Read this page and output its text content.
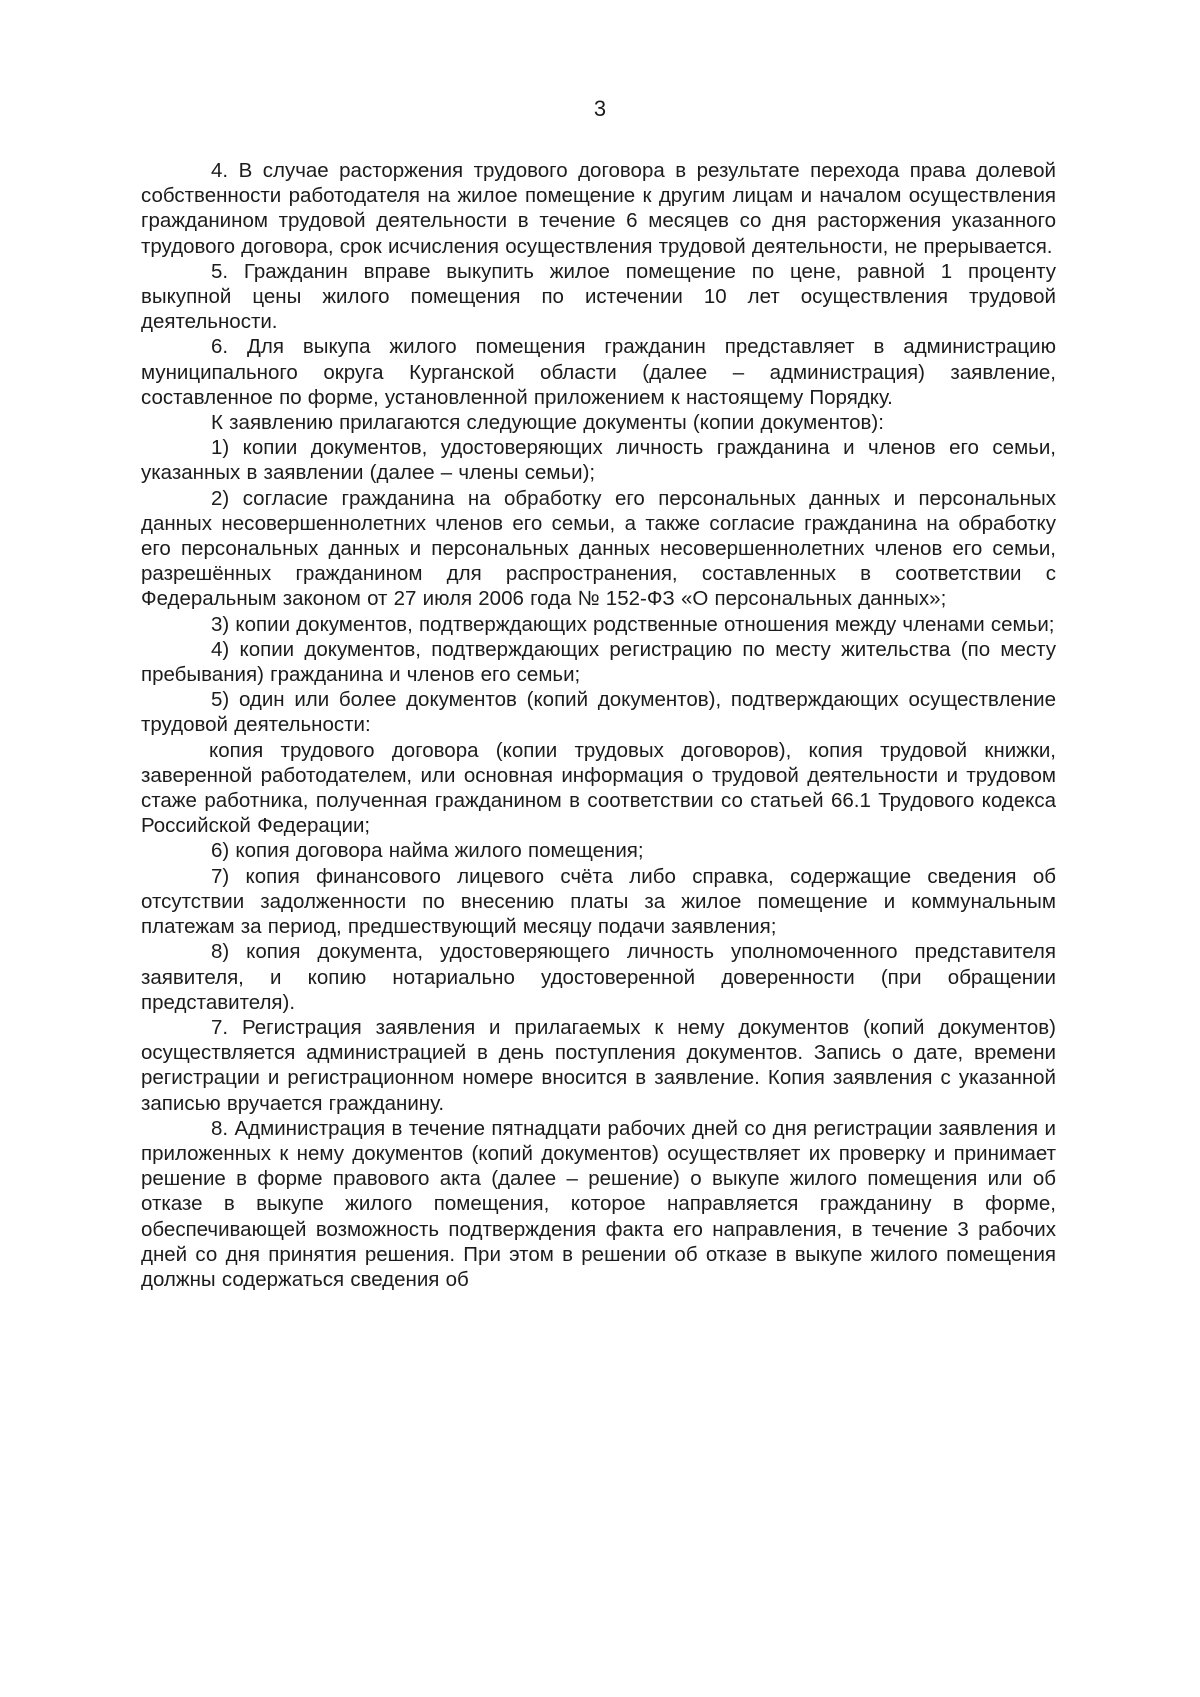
3

4. В случае расторжения трудового договора в результате перехода права долевой собственности работодателя на жилое помещение к другим лицам и началом осуществления гражданином трудовой деятельности в течение 6 месяцев со дня расторжения указанного трудового договора, срок исчисления осуществления трудовой деятельности, не прерывается.

5. Гражданин вправе выкупить жилое помещение по цене, равной 1 проценту выкупной цены жилого помещения по истечении 10 лет осуществления трудовой деятельности.

6. Для выкупа жилого помещения гражданин представляет в администрацию муниципального округа Курганской области (далее – администрация) заявление, составленное по форме, установленной приложением к настоящему Порядку.

К заявлению прилагаются следующие документы (копии документов):

1) копии документов, удостоверяющих личность гражданина и членов его семьи, указанных в заявлении (далее – члены семьи);

2) согласие гражданина на обработку его персональных данных и персональных данных несовершеннолетних членов его семьи, а также согласие гражданина на обработку его персональных данных и персональных данных несовершеннолетних членов его семьи, разрешённых гражданином для распространения, составленных в соответствии с Федеральным законом от 27 июля 2006 года № 152-ФЗ «О персональных данных»;

3) копии документов, подтверждающих родственные отношения между членами семьи;

4) копии документов, подтверждающих регистрацию по месту жительства (по месту пребывания) гражданина и членов его семьи;

5) один или более документов (копий документов), подтверждающих осуществление трудовой деятельности:

копия трудового договора (копии трудовых договоров), копия трудовой книжки, заверенной работодателем, или основная информация о трудовой деятельности и трудовом стаже работника, полученная гражданином в соответствии со статьей 66.1 Трудового кодекса Российской Федерации;

6) копия договора найма жилого помещения;

7) копия финансового лицевого счёта либо справка, содержащие сведения об отсутствии задолженности по внесению платы за жилое помещение и коммунальным платежам за период, предшествующий месяцу подачи заявления;

8) копия документа, удостоверяющего личность уполномоченного представителя заявителя, и копию нотариально удостоверенной доверенности (при обращении представителя).

7. Регистрация заявления и прилагаемых к нему документов (копий документов) осуществляется администрацией в день поступления документов. Запись о дате, времени регистрации и регистрационном номере вносится в заявление. Копия заявления с указанной записью вручается гражданину.

8. Администрация в течение пятнадцати рабочих дней со дня регистрации заявления и приложенных к нему документов (копий документов) осуществляет их проверку и принимает решение в форме правового акта (далее – решение) о выкупе жилого помещения или об отказе в выкупе жилого помещения, которое направляется гражданину в форме, обеспечивающей возможность подтверждения факта его направления, в течение 3 рабочих дней со дня принятия решения. При этом в решении об отказе в выкупе жилого помещения должны содержаться сведения об
